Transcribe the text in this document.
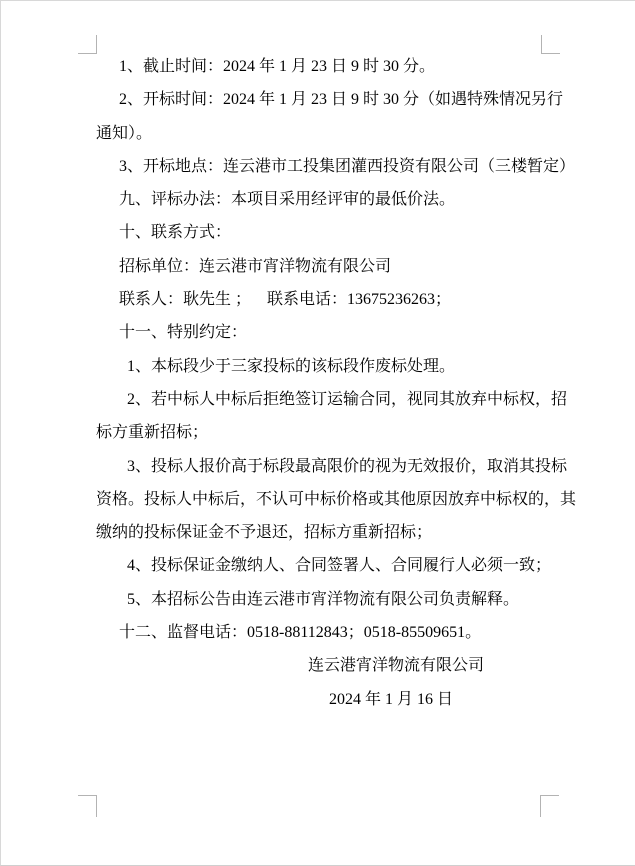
1、截止时间：2024 年 1 月 23 日 9 时 30 分。
2、开标时间：2024 年 1 月 23 日 9 时 30 分（如遇特殊情况另行
通知）。
3、开标地点：连云港市工投集团灌西投资有限公司（三楼暂定）
九、评标办法：本项目采用经评审的最低价法。
十、联系方式：
招标单位：连云港市宵洋物流有限公司
联系人：耿先生 ；    联系电话：13675236263；
十一、特别约定：
1、本标段少于三家投标的该标段作废标处理。
2、若中标人中标后拒绝签订运输合同，视同其放弃中标权，招
标方重新招标；
3、投标人报价高于标段最高限价的视为无效报价，取消其投标
资格。投标人中标后，不认可中标价格或其他原因放弃中标权的，其
缴纳的投标保证金不予退还，招标方重新招标；
4、投标保证金缴纳人、合同签署人、合同履行人必须一致；
5、本招标公告由连云港市宵洋物流有限公司负责解释。
十二、监督电话：0518-88112843；0518-85509651。
连云港宵洋物流有限公司
2024 年 1 月 16 日
